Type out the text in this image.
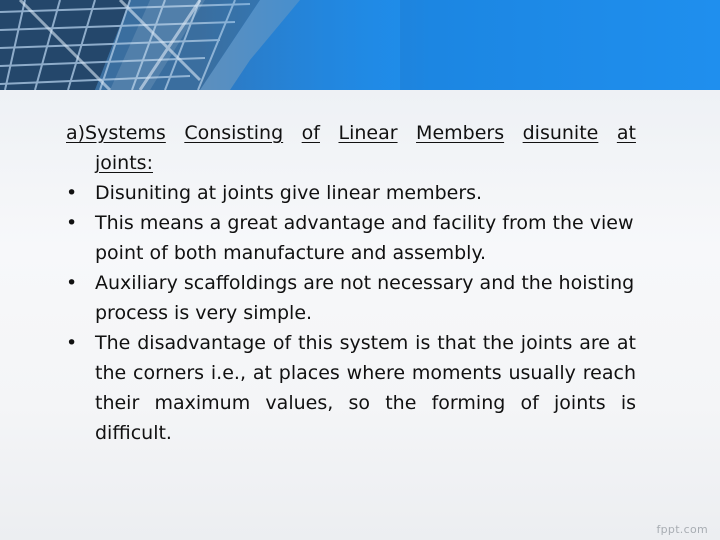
a)Systems Consisting of Linear Members disunite at
joints:
• Disuniting at joints give linear members.
• This means a great advantage and facility from the view point of both manufacture and assembly.
• Auxiliary scaffoldings are not necessary and the hoisting process is very simple.
• The disadvantage of this system is that the joints are at the corners i.e., at places where moments usually reach their maximum values, so the forming of joints is difficult.
fppt.com
